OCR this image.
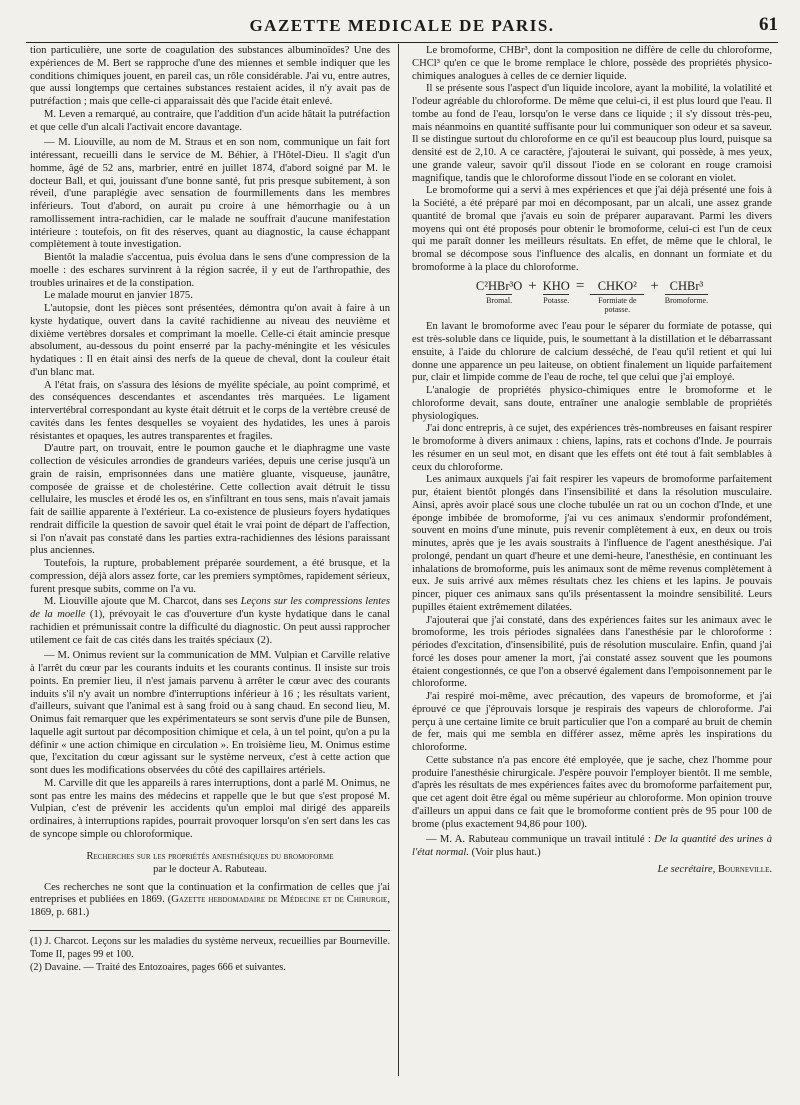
GAZETTE MEDICALE DE PARIS.	61

tion particulière, une sorte de coagulation des substances albuminoïdes? Une des expériences de M. Bert se rapproche d'une des miennes et semble indiquer que les conditions chimiques jouent, en pareil cas, un rôle considérable. J'ai vu, entre autres, que aussi longtemps que certaines substances restaient acides, il n'y avait pas de putréfaction ; mais que celle-ci apparaissait dès que l'acide était enlevé.

M. Leven a remarqué, au contraire, que l'addition d'un acide hâtait la putréfaction et que celle d'un alcali l'activait encore davantage.

— M. Liouville, au nom de M. Straus et en son nom, communique un fait fort intéressant, recueilli dans le service de M. Béhier, à l'Hôtel-Dieu. Il s'agit d'un homme, âgé de 52 ans, marbrier, entré en juillet 1874, d'abord soigné par M. le docteur Ball, et qui, jouissant d'une bonne santé, fut pris presque subitement, à son réveil, d'une paraplégie avec sensation de fourmillements dans les membres inférieurs. Tout d'abord, on aurait pu croire à une hémorrhagie ou à un ramollissement intra-rachidien, car le malade ne souffrait d'aucune manifestation intérieure : toutefois, on fit des réserves, quant au diagnostic, la cause échappant complètement à toute investigation.

Bientôt la maladie s'accentua, puis évolua dans le sens d'une compression de la moelle : des eschares survinrent à la région sacrée, il y eut de l'arthropathie, des troubles urinaires et de la constipation.

Le malade mourut en janvier 1875.

L'autopsie, dont les pièces sont présentées, démontra qu'on avait à faire à un kyste hydatique, ouvert dans la cavité rachidienne au niveau des neuvième et dixième vertèbres dorsales et comprimant la moelle. Celle-ci était amincie presque absolument, au-dessous du point enserré par la pachy-méningite et les vésicules hydatiques : Il en était ainsi des nerfs de la queue de cheval, dont la couleur était d'un blanc mat.

A l'état frais, on s'assura des lésions de myélite spéciale, au point comprimé, et des conséquences descendantes et ascendantes très marquées. Le ligament intervertébral correspondant au kyste était détruit et le corps de la vertèbre creusé de cavités dans les fentes desquelles se voyaient des hydatides, les unes à parois résistantes et opaques, les autres transparentes et fragiles.

D'autre part, on trouvait, entre le poumon gauche et le diaphragme une vaste collection de vésicules arrondies de grandeurs variées, depuis une cerise jusqu'à un grain de raisin, emprisonnées dans une matière gluante, visqueuse, jaunâtre, composée de graisse et de cholestérine. Cette collection avait détruit le tissu cellulaire, les muscles et érodé les os, en s'infiltrant en tous sens, mais n'avait jamais fait de saillie apparente à l'extérieur. La co-existence de plusieurs foyers hydatiques rendrait difficile la question de savoir quel était le vrai point de départ de l'affection, si l'on n'avait pas constaté dans les parties extra-rachidiennes des lésions paraissant plus anciennes.

Toutefois, la rupture, probablement préparée sourdement, a été brusque, et la compression, déjà alors assez forte, car les premiers symptômes, rapidement sérieux, furent presque subits, comme on l'a vu.

M. Liouville ajoute que M. Charcot, dans ses Leçons sur les compressions lentes de la moelle (1), prévoyait le cas d'ouverture d'un kyste hydatique dans le canal rachidien et prémunissait contre la difficulté du diagnostic. On peut aussi rapprocher utilement ce fait de cas cités dans les traités spéciaux (2).

— M. Onimus revient sur la communication de MM. Vulpian et Carville relative à l'arrêt du cœur par les courants induits et les courants continus. Il insiste sur trois points. En premier lieu, il n'est jamais parvenu à arrêter le cœur avec des courants induits s'il n'y avait un nombre d'interruptions inférieur à 16 ; les résultats varient, d'ailleurs, suivant que l'animal est à sang froid ou à sang chaud. En second lieu, M. Onimus fait remarquer que les expérimentateurs se sont servis d'une pile de Bunsen, laquelle agit surtout par décomposition chimique et cela, à un tel point, qu'on a pu la définir « une action chimique en circulation ». En troisième lieu, M. Onimus estime que, l'excitation du cœur agissant sur le système nerveux, c'est à cette action que sont dues les modifications observées du côté des capillaires artériels.

M. Carville dit que les appareils à rares interruptions, dont a parlé M. Onimus, ne sont pas entre les mains des médecins et rappelle que le but que s'est proposé M. Vulpian, c'est de prévenir les accidents qu'un emploi mal dirigé des appareils ordinaires, à interruptions rapides, pourrait provoquer lorsqu'on s'en sert dans les cas de syncope simple ou chloroformique.

Recherches sur les propriétés anesthésiques du bromoforme
par le docteur A. Rabuteau.

Ces recherches ne sont que la continuation et la confirmation de celles que j'ai entreprises et publiées en 1869. (Gazette hebdomadaire de Médecine et de Chirurgie, 1869, p. 681.)

(1) J. Charcot. Leçons sur les maladies du système nerveux, recueillies par Bourneville. Tome II, pages 99 et 100.

(2) Davaine. — Traité des Entozoaires, pages 666 et suivantes.

Le bromoforme, CHBr³, dont la composition ne diffère de celle du chloroforme, CHCl³ qu'en ce que le brome remplace le chlore, possède des propriétés physico-chimiques analogues à celles de ce dernier liquide.

Il se présente sous l'aspect d'un liquide incolore, ayant la mobilité, la volatilité et l'odeur agréable du chloroforme. De même que celui-ci, il est plus lourd que l'eau. Il tombe au fond de l'eau, lorsqu'on le verse dans ce liquide ; il s'y dissout très-peu, mais néanmoins en quantité suffisante pour lui communiquer son odeur et sa saveur. Il se distingue surtout du chloroforme en ce qu'il est beaucoup plus lourd, puisque sa densité est de 2,10. A ce caractère, j'ajouterai le suivant, qui possède, à mes yeux, une grande valeur, savoir qu'il dissout l'iode en se colorant en rouge cramoisi magnifique, tandis que le chloroforme dissout l'iode en se colorant en violet.

Le bromoforme qui a servi à mes expériences et que j'ai déjà présenté une fois à la Société, a été préparé par moi en décomposant, par un alcali, une assez grande quantité de bromal que j'avais eu soin de préparer auparavant. Parmi les divers moyens qui ont été proposés pour obtenir le bromoforme, celui-ci est l'un de ceux qui me paraît donner les meilleurs résultats. En effet, de même que le chloral, le bromal se décompose sous l'influence des alcalis, en donnant un formiate et du bromoforme à la place du chloroforme.

C²HBr³O
Bromal.
+ KHO
Potasse.
= CHKO²
Formiate de potasse.
+ CHBr³
Bromoforme.

En lavant le bromoforme avec l'eau pour le séparer du formiate de potasse, qui est très-soluble dans ce liquide, puis, le soumettant à la distillation et le débarrassant ensuite, à l'aide du chlorure de calcium desséché, de l'eau qu'il retient et qui lui donne une apparence un peu laiteuse, on obtient finalement un liquide parfaitement pur, clair et limpide comme de l'eau de roche, tel que celui que j'ai employé.

L'analogie de propriétés physico-chimiques entre le bromoforme et le chloroforme devait, sans doute, entraîner une analogie semblable de propriétés physiologiques.

J'ai donc entrepris, à ce sujet, des expériences très-nombreuses en faisant respirer le bromoforme à divers animaux : chiens, lapins, rats et cochons d'Inde. Je pourrais les résumer en un seul mot, en disant que les effets ont été tout à fait semblables à ceux du chloroforme.

Les animaux auxquels j'ai fait respirer les vapeurs de bromoforme parfaitement pur, étaient bientôt plongés dans l'insensibilité et dans la résolution musculaire. Ainsi, après avoir placé sous une cloche tubulée un rat ou un cochon d'Inde, et une éponge imbibée de bromoforme, j'ai vu ces animaux s'endormir profondément, souvent en moins d'une minute, puis revenir complètement à eux, en deux ou trois minutes, après que je les avais soustraits à l'influence de l'agent anesthésique. J'ai prolongé, pendant un quart d'heure et une demi-heure, l'anesthésie, en continuant les inhalations de bromoforme, puis les animaux sont de même revenus complètement à eux. Je suis arrivé aux mêmes résultats chez les chiens et les lapins. Je pouvais pincer, piquer ces animaux sans qu'ils présentassent la moindre sensibilité. Leurs pupilles étaient extrêmement dilatées.

J'ajouterai que j'ai constaté, dans des expériences faites sur les animaux avec le bromoforme, les trois périodes signalées dans l'anesthésie par le chloroforme : périodes d'excitation, d'insensibilité, puis de résolution musculaire. Enfin, quand j'ai forcé les doses pour amener la mort, j'ai constaté assez souvent que les poumons étaient congestionnés, ce que l'on a observé également dans l'empoisonnement par le chloroforme.

J'ai respiré moi-même, avec précaution, des vapeurs de bromoforme, et j'ai éprouvé ce que j'éprouvais lorsque je respirais des vapeurs de chloroforme. J'ai perçu à une certaine limite ce bruit particulier que l'on a comparé au bruit de chemin de fer, mais qui me sembla en différer assez, même après les inspirations du chloroforme.

Cette substance n'a pas encore été employée, que je sache, chez l'homme pour produire l'anesthésie chirurgicale. J'espère pouvoir l'employer bientôt. Il me semble, d'après les résultats de mes expériences faites avec du bromoforme parfaitement pur, que cet agent doit être égal ou même supérieur au chloroforme. Mon opinion trouve d'ailleurs un appui dans ce fait que le bromoforme contient près de 95 pour 100 de brome (plus exactement 94,86 pour 100).

— M. A. Rabuteau communique un travail intitulé : De la quantité des urines à l'état normal. (Voir plus haut.)

Le secrétaire, Bourneville.
